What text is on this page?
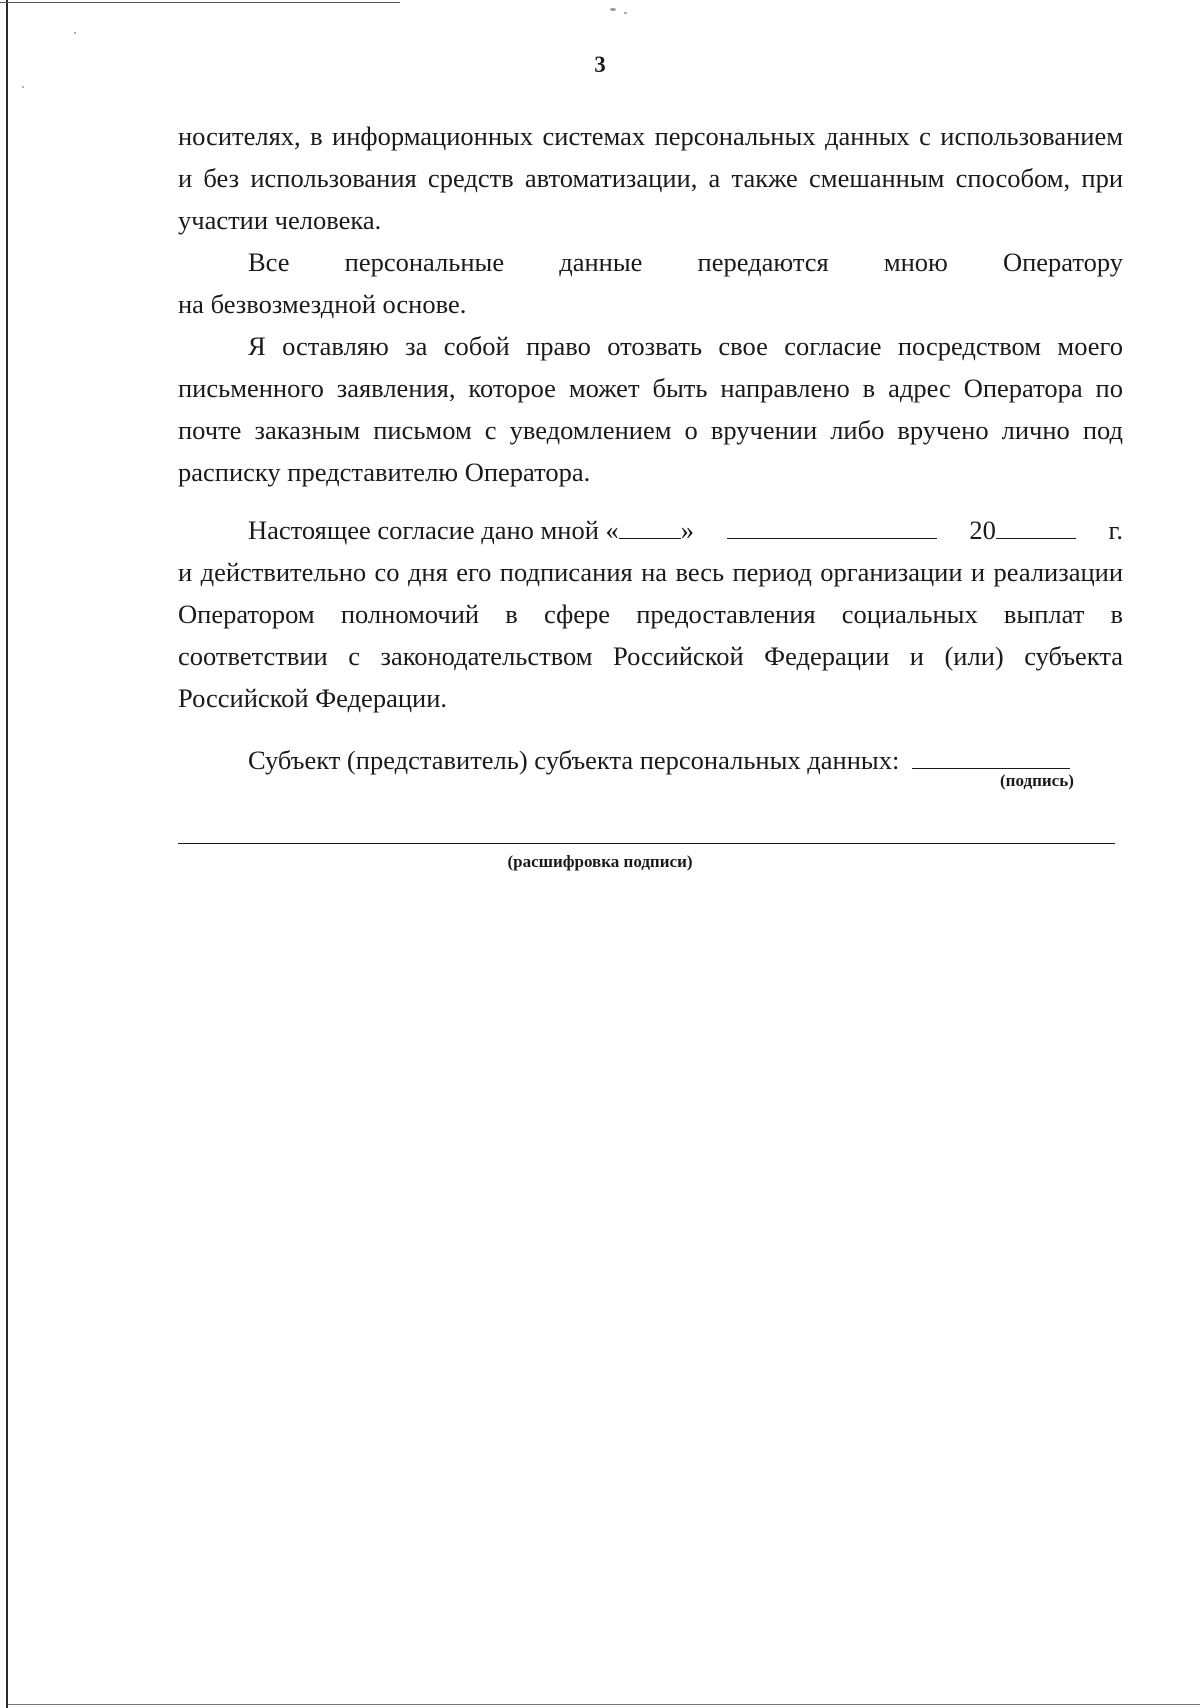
3

носителях, в информационных системах персональных данных с использованием и без использования средств автоматизации, а также смешанным способом, при участии человека.

Все персональные данные передаются мною Оператору

на безвозмездной основе.

Я оставляю за собой право отозвать свое согласие посредством моего письменного заявления, которое может быть направлено в адрес Оператора по почте заказным письмом с уведомлением о вручении либо вручено лично под расписку представителю Оператора.

Настоящее согласие дано мной « »	20	г.

и действительно со дня его подписания на весь период организации и реализации Оператором полномочий в сфере предоставления социальных выплат в соответствии с законодательством Российской Федерации и (или) субъекта Российской Федерации.

Субъект (представитель) субъекта персональных данных:
(подпись)
(расшифровка подписи)
